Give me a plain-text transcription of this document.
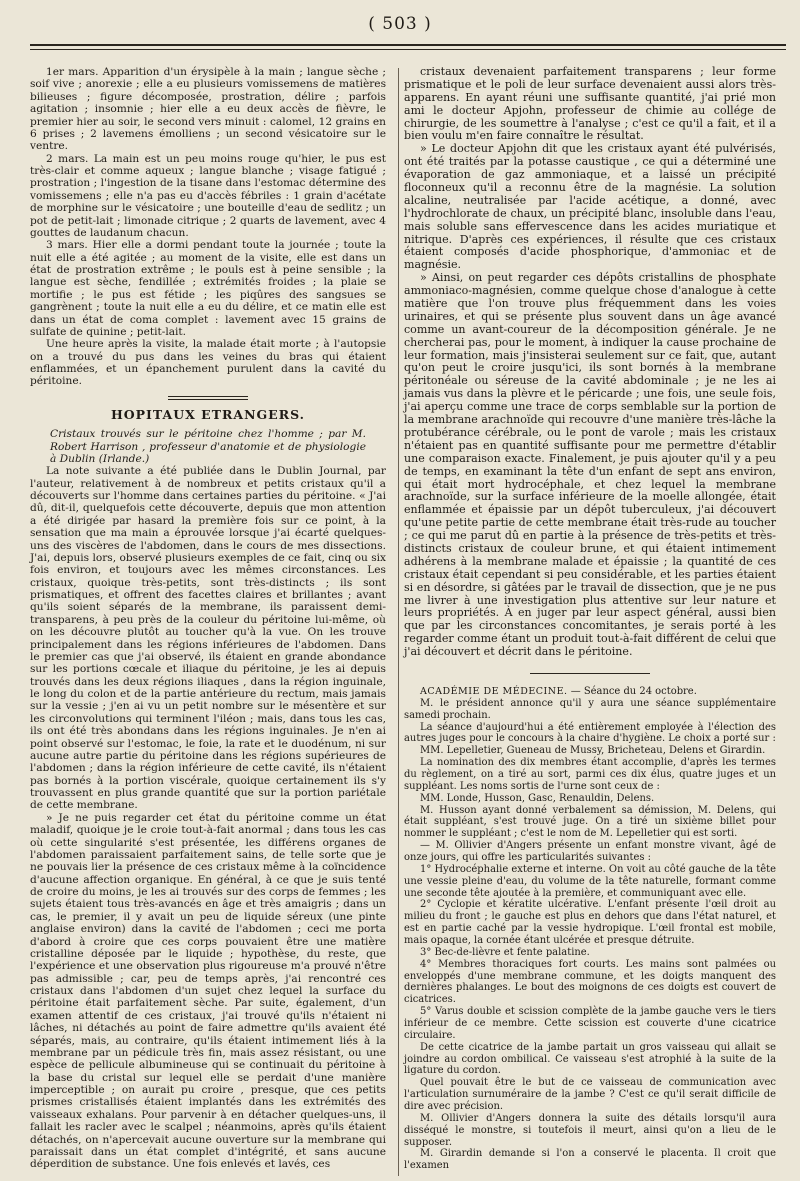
( 503 )

1er mars. Apparition d'un érysipèle à la main ; langue sèche ; soif vive ; anorexie ; elle a eu plusieurs vomissemens de matières bilieuses ; figure décomposée, prostration, délire ; parfois agitation ; insomnie ; hier elle a eu deux accès de fièvre, le premier hier au soir, le second vers minuit : calomel, 12 grains en 6 prises ; 2 lavemens émolliens ; un second vésicatoire sur le ventre.

2 mars. La main est un peu moins rouge qu'hier, le pus est très-clair et comme aqueux ; langue blanche ; visage fatigué ; prostration ; l'ingestion de la tisane dans l'estomac détermine des vomissemens ; elle n'a pas eu d'accès fébriles : 1 grain d'acétate de morphine sur le vésicatoire ; une bouteille d'eau de sedlitz ; un pot de petit-lait ; limonade citrique ; 2 quarts de lavement, avec 4 gouttes de laudanum chacun.

3 mars. Hier elle a dormi pendant toute la journée ; toute la nuit elle a été agitée ; au moment de la visite, elle est dans un état de prostration extrême ; le pouls est à peine sensible ; la langue est sèche, fendillée ; extrémités froides ; la plaie se mortifie ; le pus est fétide ; les piqûres des sangsues se gangrènent ; toute la nuit elle a eu du délire, et ce matin elle est dans un état de coma complet : lavement avec 15 grains de sulfate de quinine ; petit-lait.

Une heure après la visite, la malade était morte ; à l'autopsie on a trouvé du pus dans les veines du bras qui étaient enflammées, et un épanchement purulent dans la cavité du péritoine.

HOPITAUX ETRANGERS.

Cristaux trouvés sur le péritoine chez l'homme ; par M. Robert Harrison , professeur d'anatomie et de physiologie à Dublin (Irlande.)

La note suivante a été publiée dans le Dublin Journal, par l'auteur, relativement à de nombreux et petits cristaux qu'il a découverts sur l'homme dans certaines parties du péritoine. « J'ai dû, dit-il, quelquefois cette découverte, depuis que mon attention a été dirigée par hasard la première fois sur ce point, à la sensation que ma main a éprouvée lorsque j'ai écarté quelques-uns des viscères de l'abdomen, dans le cours de mes dissections. J'ai, depuis lors, observé plusieurs exemples de ce fait, cinq ou six fois environ, et toujours avec les mêmes circonstances. Les cristaux, quoique très-petits, sont très-distincts ; ils sont prismatiques, et offrent des facettes claires et brillantes ; avant qu'ils soient séparés de la membrane, ils paraissent demi-transparens, à peu près de la couleur du péritoine lui-même, où on les découvre plutôt au toucher qu'à la vue. On les trouve principalement dans les régions inférieures de l'abdomen. Dans le premier cas que j'ai observé, ils étaient en grande abondance sur les portions cœcale et iliaque du péritoine, je les ai depuis trouvés dans les deux régions iliaques , dans la région inguinale, le long du colon et de la partie antérieure du rectum, mais jamais sur la vessie ; j'en ai vu un petit nombre sur le mésentère et sur les circonvolutions qui terminent l'iléon ; mais, dans tous les cas, ils ont été très abondans dans les régions inguinales. Je n'en ai point observé sur l'estomac, le foie, la rate et le duodénum, ni sur aucune autre partie du péritoine dans les régions supérieures de l'abdomen ; dans la région inférieure de cette cavité, ils n'étaient pas bornés à la portion viscérale, quoique certainement ils s'y trouvassent en plus grande quantité que sur la portion pariétale de cette membrane.

» Je ne puis regarder cet état du péritoine comme un état maladif, quoique je le croie tout-à-fait anormal ; dans tous les cas où cette singularité s'est présentée, les différens organes de l'abdomen paraissaient parfaitement sains, de telle sorte que je ne pouvais lier la présence de ces cristaux même à la coïncidence d'aucune affection organique. En général, à ce que je suis tenté de croire du moins, je les ai trouvés sur des corps de femmes ; les sujets étaient tous très-avancés en âge et très amaigris ; dans un cas, le premier, il y avait un peu de liquide séreux (une pinte anglaise environ) dans la cavité de l'abdomen ; ceci me porta d'abord à croire que ces corps pouvaient être une matière cristalline déposée par le liquide ; hypothèse, du reste, que l'expérience et une observation plus rigoureuse m'a prouvé n'être pas admissible ; car, peu de temps après, j'ai rencontré ces cristaux dans l'abdomen d'un sujet chez lequel la surface du péritoine était parfaitement sèche. Par suite, également, d'un examen attentif de ces cristaux, j'ai trouvé qu'ils n'étaient ni lâches, ni détachés au point de faire admettre qu'ils avaient été séparés, mais, au contraire, qu'ils étaient intimement liés à la membrane par un pédicule très fin, mais assez résistant, ou une espèce de pellicule albumineuse qui se continuait du péritoine à la base du cristal sur lequel elle se perdait d'une manière imperceptible ; on aurait pu croire , presque, que ces petits prismes cristallisés étaient implantés dans les extrémités des vaisseaux exhalans. Pour parvenir à en détacher quelques-uns, il fallait les racler avec le scalpel ; néanmoins, après qu'ils étaient détachés, on n'apercevait aucune ouverture sur la membrane qui paraissait dans un état complet d'intégrité, et sans aucune déperdition de substance. Une fois enlevés et lavés, ces

cristaux devenaient parfaitement transparens ; leur forme prismatique et le poli de leur surface devenaient aussi alors très-apparens. En ayant réuni une suffisante quantité, j'ai prié mon ami le docteur Apjohn, professeur de chimie au collége de chirurgie, de les soumettre à l'analyse ; c'est ce qu'il a fait, et il a bien voulu m'en faire connaître le résultat.

» Le docteur Apjohn dit que les cristaux ayant été pulvérisés, ont été traités par la potasse caustique , ce qui a déterminé une évaporation de gaz ammoniaque, et a laissé un précipité floconneux qu'il a reconnu être de la magnésie. La solution alcaline, neutralisée par l'acide acétique, a donné, avec l'hydrochlorate de chaux, un précipité blanc, insoluble dans l'eau, mais soluble sans effervescence dans les acides muriatique et nitrique. D'après ces expériences, il résulte que ces cristaux étaient composés d'acide phosphorique, d'ammoniac et de magnésie.

» Ainsi, on peut regarder ces dépôts cristallins de phosphate ammoniaco-magnésien, comme quelque chose d'analogue à cette matière que l'on trouve plus fréquemment dans les voies urinaires, et qui se présente plus souvent dans un âge avancé comme un avant-coureur de la décomposition générale. Je ne chercherai pas, pour le moment, à indiquer la cause prochaine de leur formation, mais j'insisterai seulement sur ce fait, que, autant qu'on peut le croire jusqu'ici, ils sont bornés à la membrane péritonéale ou séreuse de la cavité abdominale ; je ne les ai jamais vus dans la plèvre et le péricarde ; une fois, une seule fois, j'ai aperçu comme une trace de corps semblable sur la portion de la membrane arachnoïde qui recouvre d'une manière très-lâche la protubérance cérébrale, ou le pont de varole ; mais les cristaux n'étaient pas en quantité suffisante pour me permettre d'établir une comparaison exacte. Finalement, je puis ajouter qu'il y a peu de temps, en examinant la tête d'un enfant de sept ans environ, qui était mort hydrocéphale, et chez lequel la membrane arachnoïde, sur la surface inférieure de la moelle allongée, était enflammée et épaissie par un dépôt tuberculeux, j'ai découvert qu'une petite partie de cette membrane était très-rude au toucher ; ce qui me parut dû en partie à la présence de très-petits et très-distincts cristaux de couleur brune, et qui étaient intimement adhérens à la membrane malade et épaissie ; la quantité de ces cristaux était cependant si peu considérable, et les parties étaient si en désordre, si gâtées par le travail de dissection, que je ne pus me livrer à une investigation plus attentive sur leur nature et leurs propriétés. À en juger par leur aspect général, aussi bien que par les circonstances concomitantes, je serais porté à les regarder comme étant un produit tout-à-fait différent de celui que j'ai découvert et décrit dans le péritoine.

ACADÉMIE DE MÉDECINE. — Séance du 24 octobre.

M. le président annonce qu'il y aura une séance supplémentaire samedi prochain.

La séance d'aujourd'hui a été entièrement employée à l'élection des autres juges pour le concours à la chaire d'hygiène. Le choix a porté sur :

MM. Lepelletier, Gueneau de Mussy, Bricheteau, Delens et Girardin.

La nomination des dix membres étant accomplie, d'après les termes du règlement, on a tiré au sort, parmi ces dix élus, quatre juges et un suppléant. Les noms sortis de l'urne sont ceux de :

MM. Londe, Husson, Gasc, Renauldin, Delens.

M. Husson ayant donné verbalement sa démission, M. Delens, qui était suppléant, s'est trouvé juge. On a tiré un sixième billet pour nommer le suppléant ; c'est le nom de M. Lepelletier qui est sorti.

— M. Ollivier d'Angers présente un enfant monstre vivant, âgé de onze jours, qui offre les particularités suivantes :

1° Hydrocéphalie externe et interne. On voit au côté gauche de la tête une vessie pleine d'eau, du volume de la tête naturelle, formant comme une seconde tête ajoutée à la première, et communiquant avec elle.

2° Cyclopie et kératite ulcérative. L'enfant présente l'œil droit au milieu du front ; le gauche est plus en dehors que dans l'état naturel, et est en partie caché par la vessie hydropique. L'œil frontal est mobile, mais opaque, la cornée étant ulcérée et presque détruite.

3° Bec-de-lièvre et fente palatine.

4° Membres thoraciques fort courts. Les mains sont palmées ou enveloppés d'une membrane commune, et les doigts manquent des dernières phalanges. Le bout des moignons de ces doigts est couvert de cicatrices.

5° Varus double et scission complète de la jambe gauche vers le tiers inférieur de ce membre. Cette scission est couverte d'une cicatrice circulaire.

De cette cicatrice de la jambe partait un gros vaisseau qui allait se joindre au cordon ombilical. Ce vaisseau s'est atrophié à la suite de la ligature du cordon.

Quel pouvait être le but de ce vaisseau de communication avec l'articulation surnuméraire de la jambe ? C'est ce qu'il serait difficile de dire avec précision.

M. Ollivier d'Angers donnera la suite des détails lorsqu'il aura disséqué le monstre, si toutefois il meurt, ainsi qu'on a lieu de le supposer.

M. Girardin demande si l'on a conservé le placenta. Il croit que l'examen
